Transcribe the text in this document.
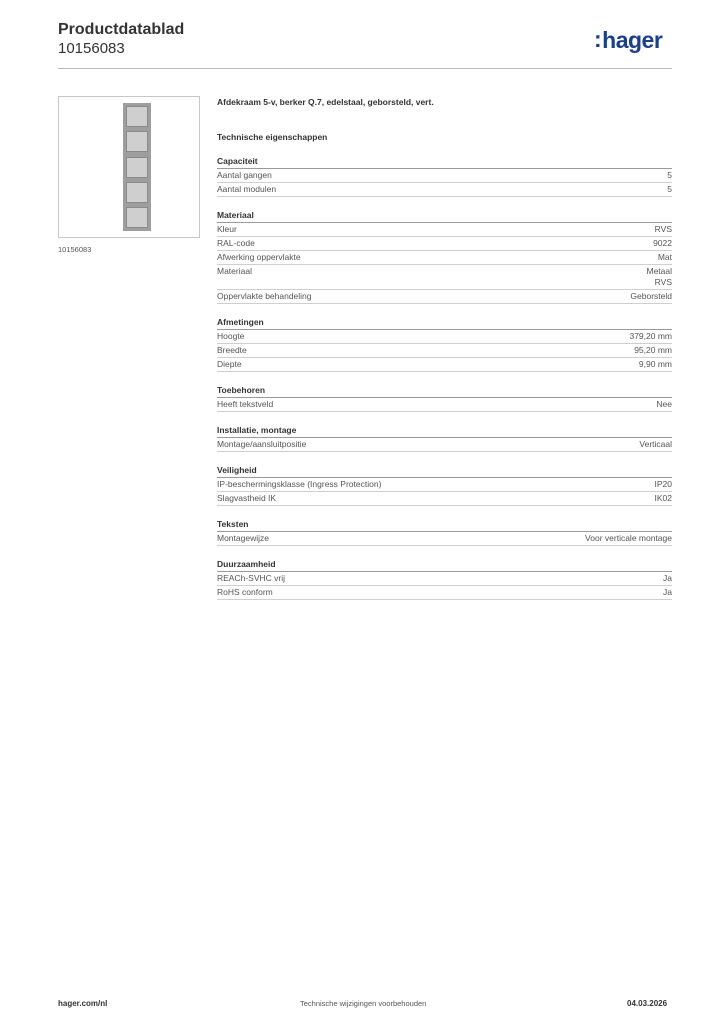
Productdatablad
10156083	:hager
10156083
Afdekraam 5-v, berker Q.7, edelstaal, geborsteld, vert.
Technische eigenschappen
Capaciteit
Aantal gangen	5
Aantal modulen	5
Materiaal
Kleur	RVS
RAL-code	9022
Afwerking oppervlakte	Mat
Materiaal	Metaal
RVS
Oppervlakte behandeling	Geborsteld
Afmetingen
Hoogte	379,20 mm
Breedte	95,20 mm
Diepte	9,90 mm
Toebehoren
Heeft tekstveld	Nee
Installatie, montage
Montage/aansluitpositie	Verticaal
Veiligheid
IP-beschermingsklasse (Ingress Protection)	IP20
Slagvastheid IK	IK02
Teksten
Montagewijze	Voor verticale montage
Duurzaamheid
REACh-SVHC vrij	Ja
RoHS conform	Ja
hager.com/nl	Technische wijzigingen voorbehouden	04.03.2026
